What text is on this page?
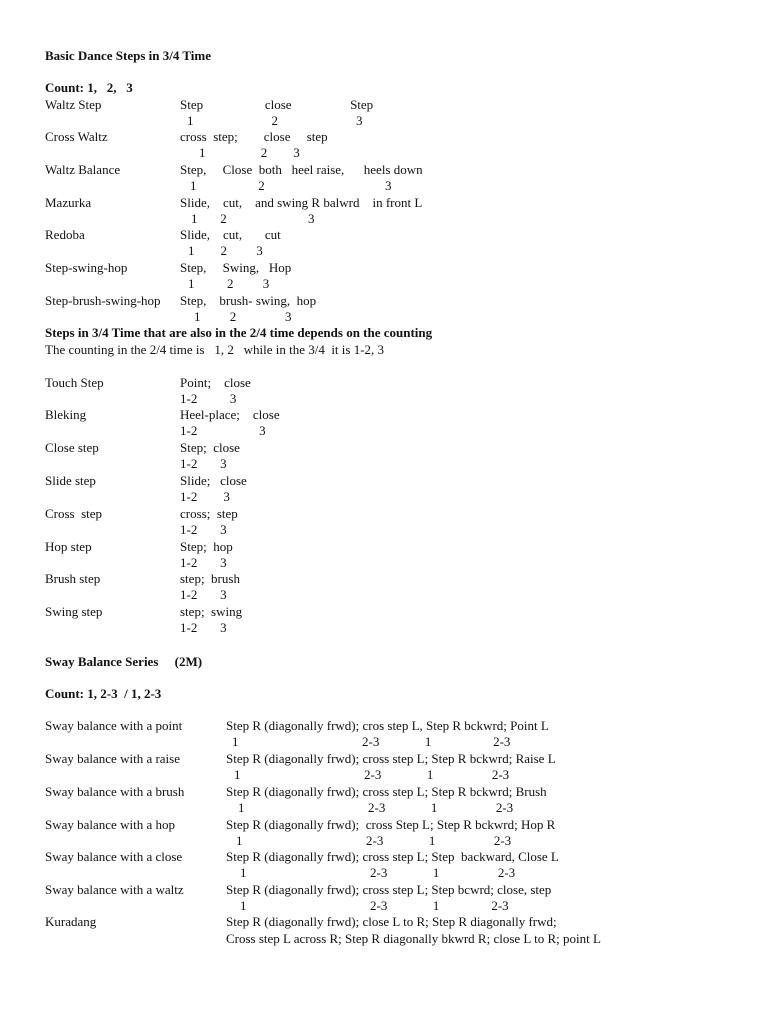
Basic Dance Steps in 3/4 Time
Count: 1,   2,   3
Waltz Step	Step                   close                  Step
1                        2                        3
Cross Waltz	cross  step;        close     step
1                 2        3
Waltz Balance	Step,     Close  both   heel raise,      heels down
1                   2                                     3
Mazurka	Slide,    cut,    and swing R balwrd    in front L
1       2                         3
Redoba	Slide,    cut,       cut
1        2         3
Step-swing-hop	Step,     Swing,   Hop
1          2         3
Step-brush-swing-hop Step,    brush- swing,  hop
1         2               3
Steps in 3/4 Time that are also in the 2/4 time depends on the counting
The counting in the 2/4 time is   1, 2   while in the 3/4  it is 1-2, 3
Touch Step	Point;    close
1-2          3
Bleking	Heel-place;    close
1-2                   3
Close step	Step;  close
1-2       3
Slide step	Slide;   close
1-2        3
Cross  step	cross;  step
1-2       3
Hop step	Step;  hop
1-2       3
Brush step	step;  brush
1-2       3
Swing step	step;  swing
1-2       3
Sway Balance Series     (2M)
Count: 1, 2-3  / 1, 2-3
Sway balance with a point	Step R (diagonally frwd); cros step L, Step R bckwrd; Point L
1                                      2-3              1                   2-3
Sway balance with a raise	Step R (diagonally frwd); cross step L; Step R bckwrd; Raise L
1                                      2-3              1                  2-3
Sway balance with a brush	Step R (diagonally frwd); cross step L; Step R bckwrd; Brush
1                                      2-3              1                  2-3
Sway balance with a hop	Step R (diagonally frwd);  cross Step L; Step R bckwrd; Hop R
1                                      2-3              1                  2-3
Sway balance with a close	Step R (diagonally frwd); cross step L; Step  backward, Close L
1                                      2-3              1                  2-3
Sway balance with a waltz	Step R (diagonally frwd); cross step L; Step bcwrd; close, step
1                                      2-3              1                2-3
Kuradang	Step R (diagonally frwd); close L to R; Step R diagonally frwd;
Cross step L across R; Step R diagonally bkwrd R; close L to R; point L
